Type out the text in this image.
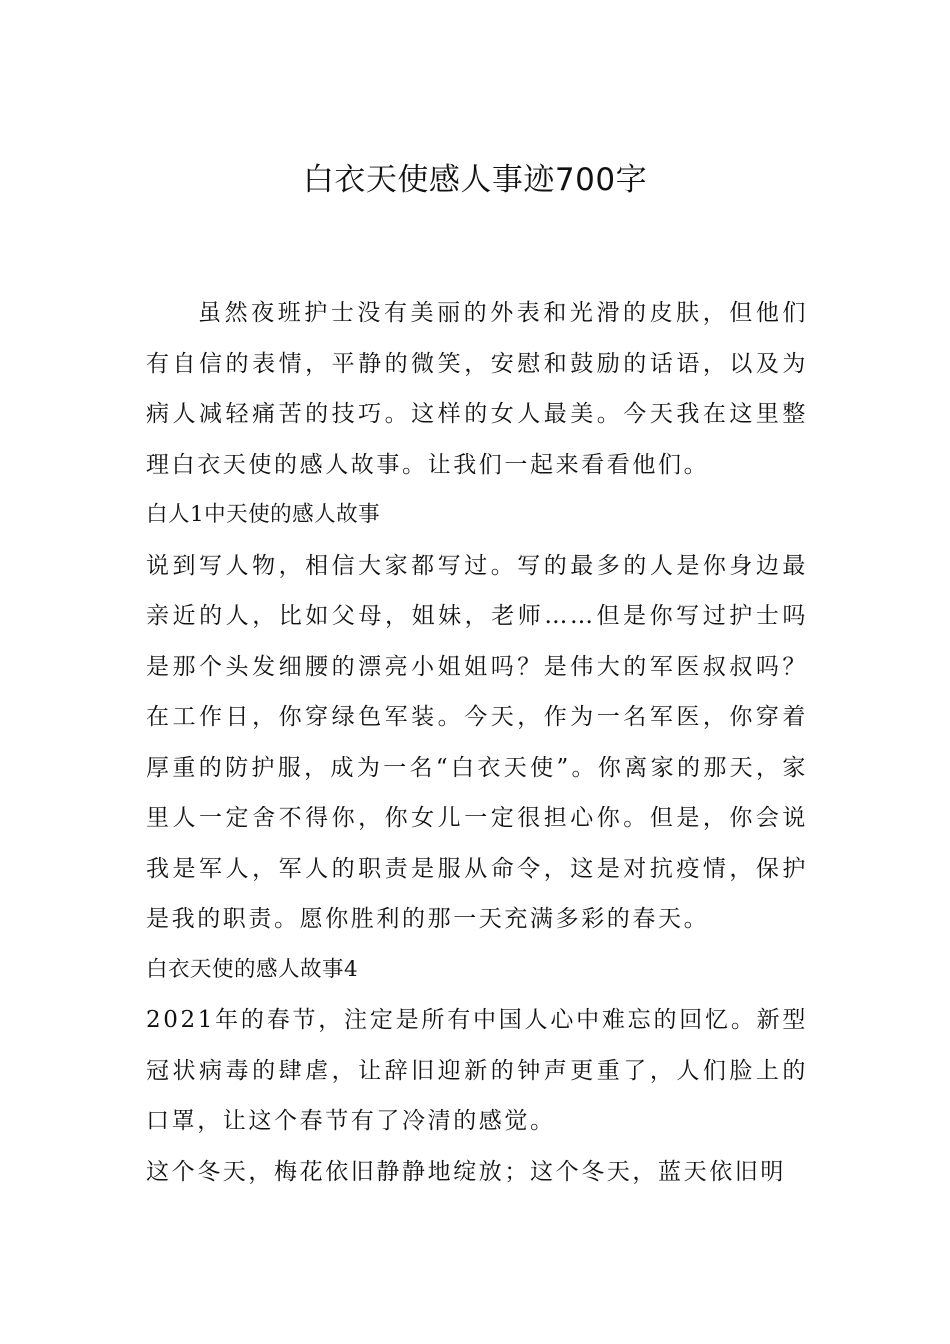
白衣天使感人事迹700字

虽然夜班护士没有美丽的外表和光滑的皮肤，但他们有自信的表情，平静的微笑，安慰和鼓励的话语，以及为病人减轻痛苦的技巧。这样的女人最美。今天我在这里整理白衣天使的感人故事。让我们一起来看看他们。

白人1中天使的感人故事

说到写人物，相信大家都写过。写的最多的人是你身边最亲近的人，比如父母，姐妹，老师……但是你写过护士吗是那个头发细腰的漂亮小姐姐吗？是伟大的军医叔叔吗？在工作日，你穿绿色军装。今天，作为一名军医，你穿着厚重的防护服，成为一名“白衣天使”。你离家的那天，家里人一定舍不得你，你女儿一定很担心你。但是，你会说我是军人，军人的职责是服从命令，这是对抗疫情，保护是我的职责。愿你胜利的那一天充满多彩的春天。

白衣天使的感人故事4

2021年的春节，注定是所有中国人心中难忘的回忆。新型冠状病毒的肆虐，让辞旧迎新的钟声更重了，人们脸上的口罩，让这个春节有了冷清的感觉。

这个冬天，梅花依旧静静地绽放；这个冬天，蓝天依旧明
